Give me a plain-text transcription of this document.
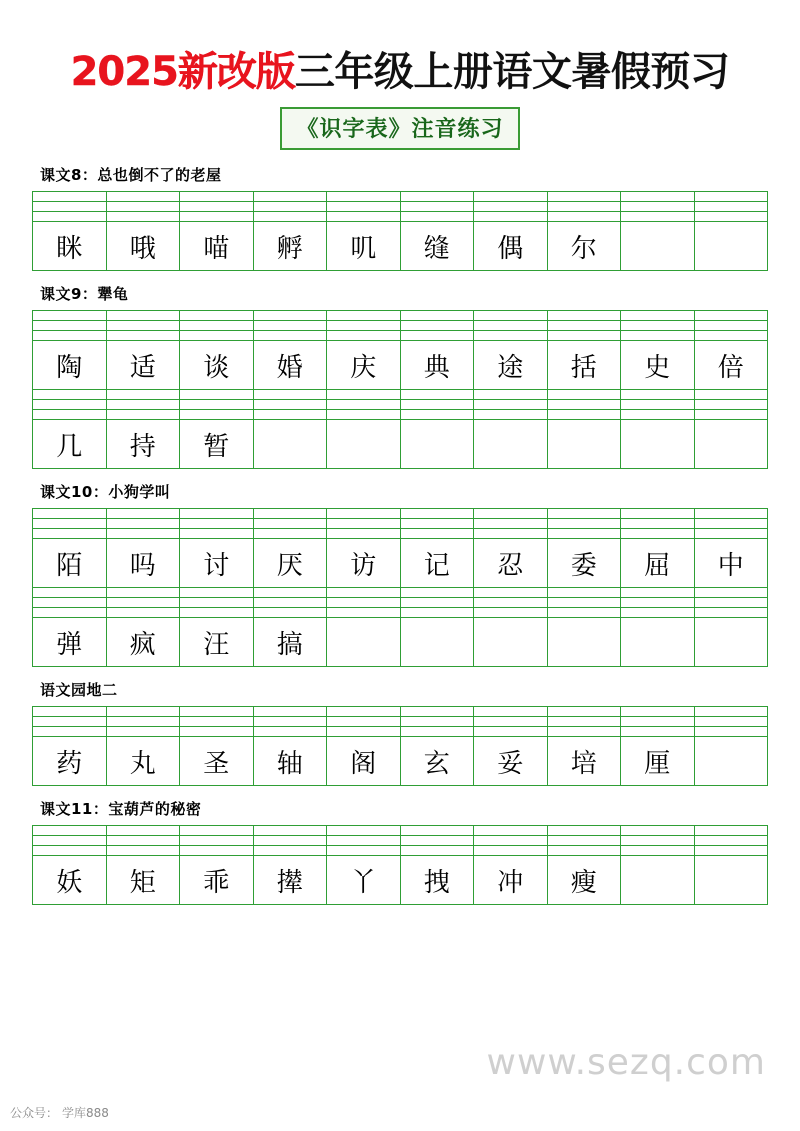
2025新改版 三年级上册语文暑假预习
《识字表》注音练习
课文8：总也倒不了的老屋

眯	哦	喵	孵	叽	缝	偶	尔		
课文9：犟龟

陶	适	谈	婚	庆	典	途	括	史	倍

几	持	暂							
课文10：小狗学叫

陌	吗	讨	厌	访	记	忍	委	屈	中

弹	疯	汪	搞						
语文园地二

药	丸	圣	轴	阁	玄	妥	培	厘	
课文11：宝葫芦的秘密

妖	矩	乖	撵	丫	拽	冲	瘦		
www.sezq.com
公众号： 学库888
